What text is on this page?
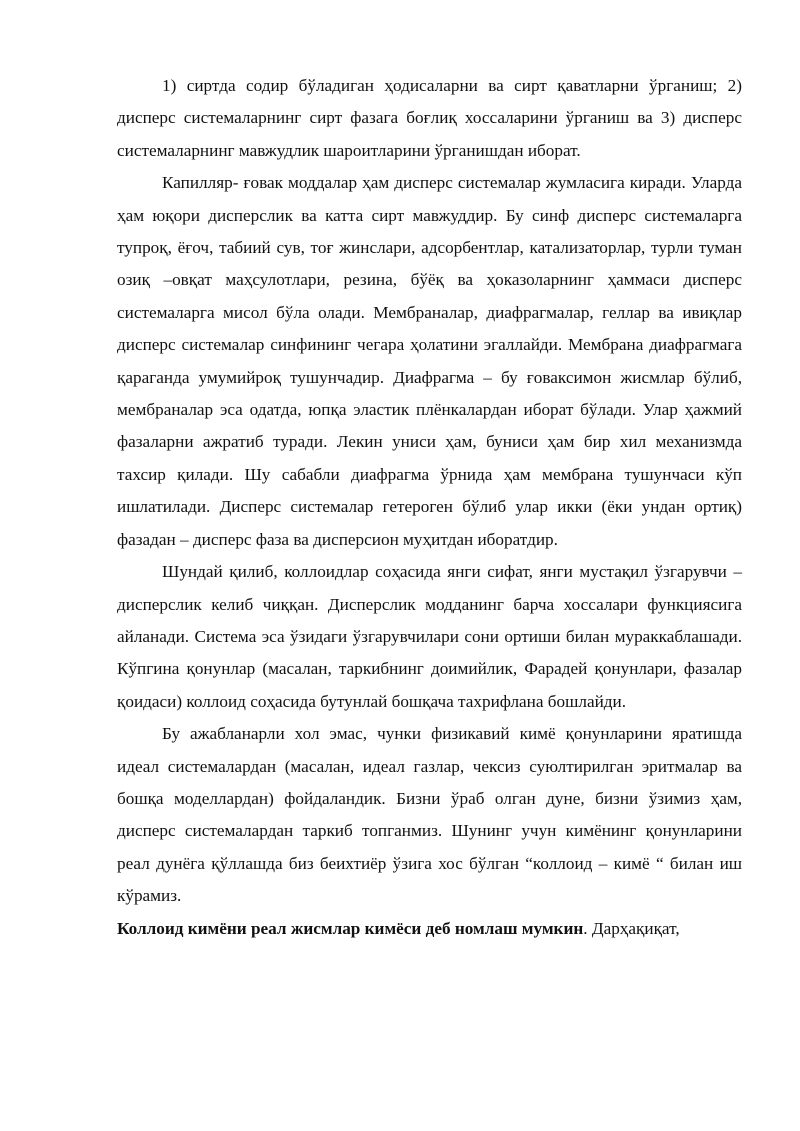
1) сиртда содир бўладиган ҳодисаларни ва сирт қаватларни ўрганиш; 2) дисперс системаларнинг сирт фазага боғлиқ хоссаларини ўрганиш ва 3) дисперс системаларнинг мавжудлик шароитларини ўрганишдан иборат.

Капилляр- ғовак моддалар ҳам дисперс системалар жумласига киради. Уларда ҳам юқори дисперслик ва катта сирт мавжуддир. Бу синф дисперс системаларга тупроқ, ёғоч, табиий сув, тоғ жинслари, адсорбентлар, катализаторлар, турли туман озиқ –овқат маҳсулотлари, резина, бўёқ ва ҳоказоларнинг ҳаммаси дисперс системаларга мисол бўла олади. Мембраналар, диафрагмалар, геллар ва ивиқлар дисперс системалар синфининг чегара ҳолатини эгаллайди. Мембрана диафрагмага қараганда умумийроқ тушунчадир. Диафрагма – бу ғоваксимон жисмлар бўлиб, мембраналар эса одатда, юпқа эластик плёнкалардан иборат бўлади. Улар ҳажмий фазаларни ажратиб туради. Лекин униси ҳам, буниси ҳам бир хил механизмда тахсир қилади. Шу сабабли диафрагма ўрнида ҳам мембрана тушунчаси кўп ишлатилади. Дисперс системалар гетероген бўлиб улар икки (ёки ундан ортиқ) фазадан – дисперс фаза ва дисперсион муҳитдан иборатдир.

Шундай қилиб, коллоидлар соҳасида янги сифат, янги мустақил ўзгарувчи – дисперслик келиб чиққан. Дисперслик модданинг барча хоссалари функциясига айланади. Система эса ўзидаги ўзгарувчилари сони ортиши билан мураккаблашади. Кўпгина қонунлар (масалан, таркибнинг доимийлик, Фарадей қонунлари, фазалар қоидаси) коллоид соҳасида бутунлай бошқача тахрифлана бошлайди.

Бу ажабланарли хол эмас, чунки физикавий кимё қонунларини яратишда идеал системалардан (масалан, идеал газлар, чексиз суюлтирилган эритмалар ва бошқа моделлардан) фойдаландик. Бизни ўраб олган дуне, бизни ўзимиз ҳам, дисперс системалардан таркиб топганмиз. Шунинг учун кимёнинг қонунларини реал дунёга қўллашда биз беихтиёр ўзига хос бўлган “коллоид – кимё “ билан иш кўрамиз.

Коллоид кимёни реал жисмлар кимёси деб номлаш мумкин. Дарҳақиқат,
